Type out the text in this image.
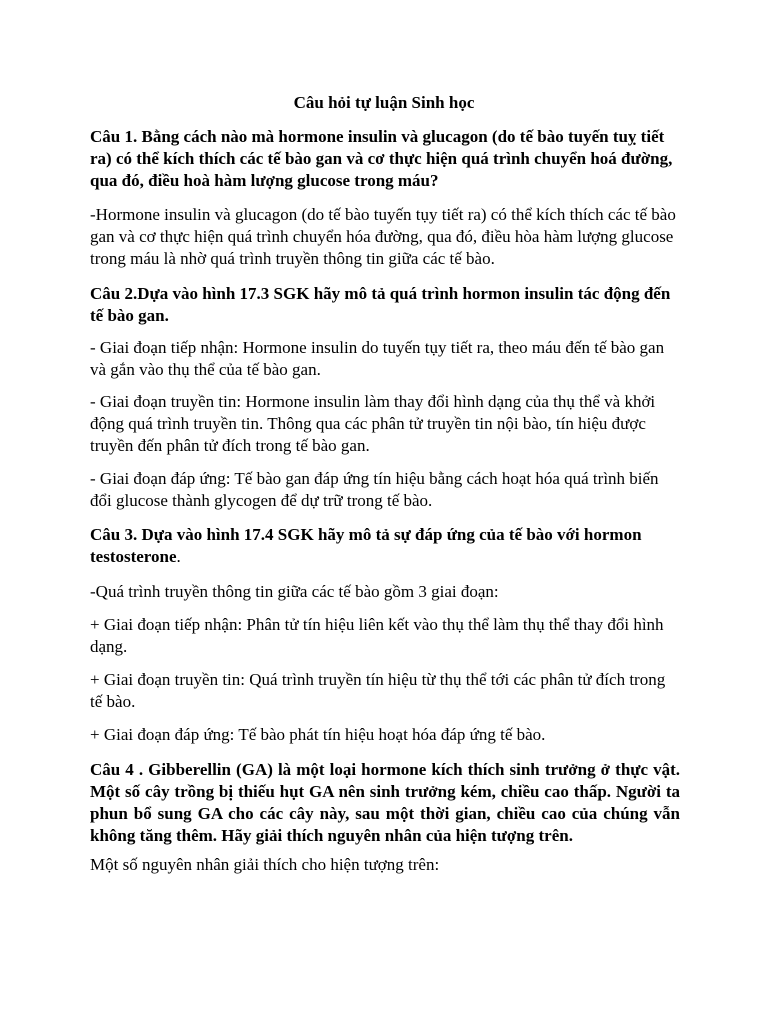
Câu hỏi tự luận Sinh học
Câu 1. Bằng cách nào mà hormone insulin và glucagon (do tế bào tuyến tuỵ tiết ra) có thể kích thích các tế bào gan và cơ thực hiện quá trình chuyển hoá đường, qua đó, điều hoà hàm lượng glucose trong máu?
-Hormone insulin và glucagon (do tế bào tuyến tụy tiết ra) có thể kích thích các tế bào gan và cơ thực hiện quá trình chuyển hóa đường, qua đó, điều hòa hàm lượng glucose trong máu là nhờ quá trình truyền thông tin giữa các tế bào.
Câu 2.Dựa vào hình 17.3 SGK hãy mô tả quá trình hormon insulin tác động đến tế bào gan.
- Giai đoạn tiếp nhận: Hormone insulin do tuyến tụy tiết ra, theo máu đến tế bào gan và gắn vào thụ thể của tế bào gan.
- Giai đoạn truyền tin: Hormone insulin làm thay đổi hình dạng của thụ thể và khởi động quá trình truyền tin. Thông qua các phân tử truyền tin nội bào, tín hiệu được truyền đến phân tử đích trong tế bào gan.
- Giai đoạn đáp ứng: Tế bào gan đáp ứng tín hiệu bằng cách hoạt hóa quá trình biến đổi glucose thành glycogen để dự trữ trong tế bào.
Câu 3. Dựa vào hình 17.4 SGK hãy mô tả sự đáp ứng của tế bào với hormon testosterone.
-Quá trình truyền thông tin giữa các tế bào gồm 3 giai đoạn:
+ Giai đoạn tiếp nhận: Phân tử tín hiệu liên kết vào thụ thể làm thụ thể thay đổi hình dạng.
+ Giai đoạn truyền tin: Quá trình truyền tín hiệu từ thụ thể tới các phân tử đích trong tế bào.
+ Giai đoạn đáp ứng: Tế bào phát tín hiệu hoạt hóa đáp ứng tế bào.
Câu 4 . Gibberellin (GA) là một loại hormone kích thích sinh trưởng ở thực vật. Một số cây trồng bị thiếu hụt GA nên sinh trưởng kém, chiều cao thấp. Người ta phun bổ sung GA cho các cây này, sau một thời gian, chiều cao của chúng vẫn không tăng thêm. Hãy giải thích nguyên nhân của hiện tượng trên.
Một số nguyên nhân giải thích cho hiện tượng trên:
